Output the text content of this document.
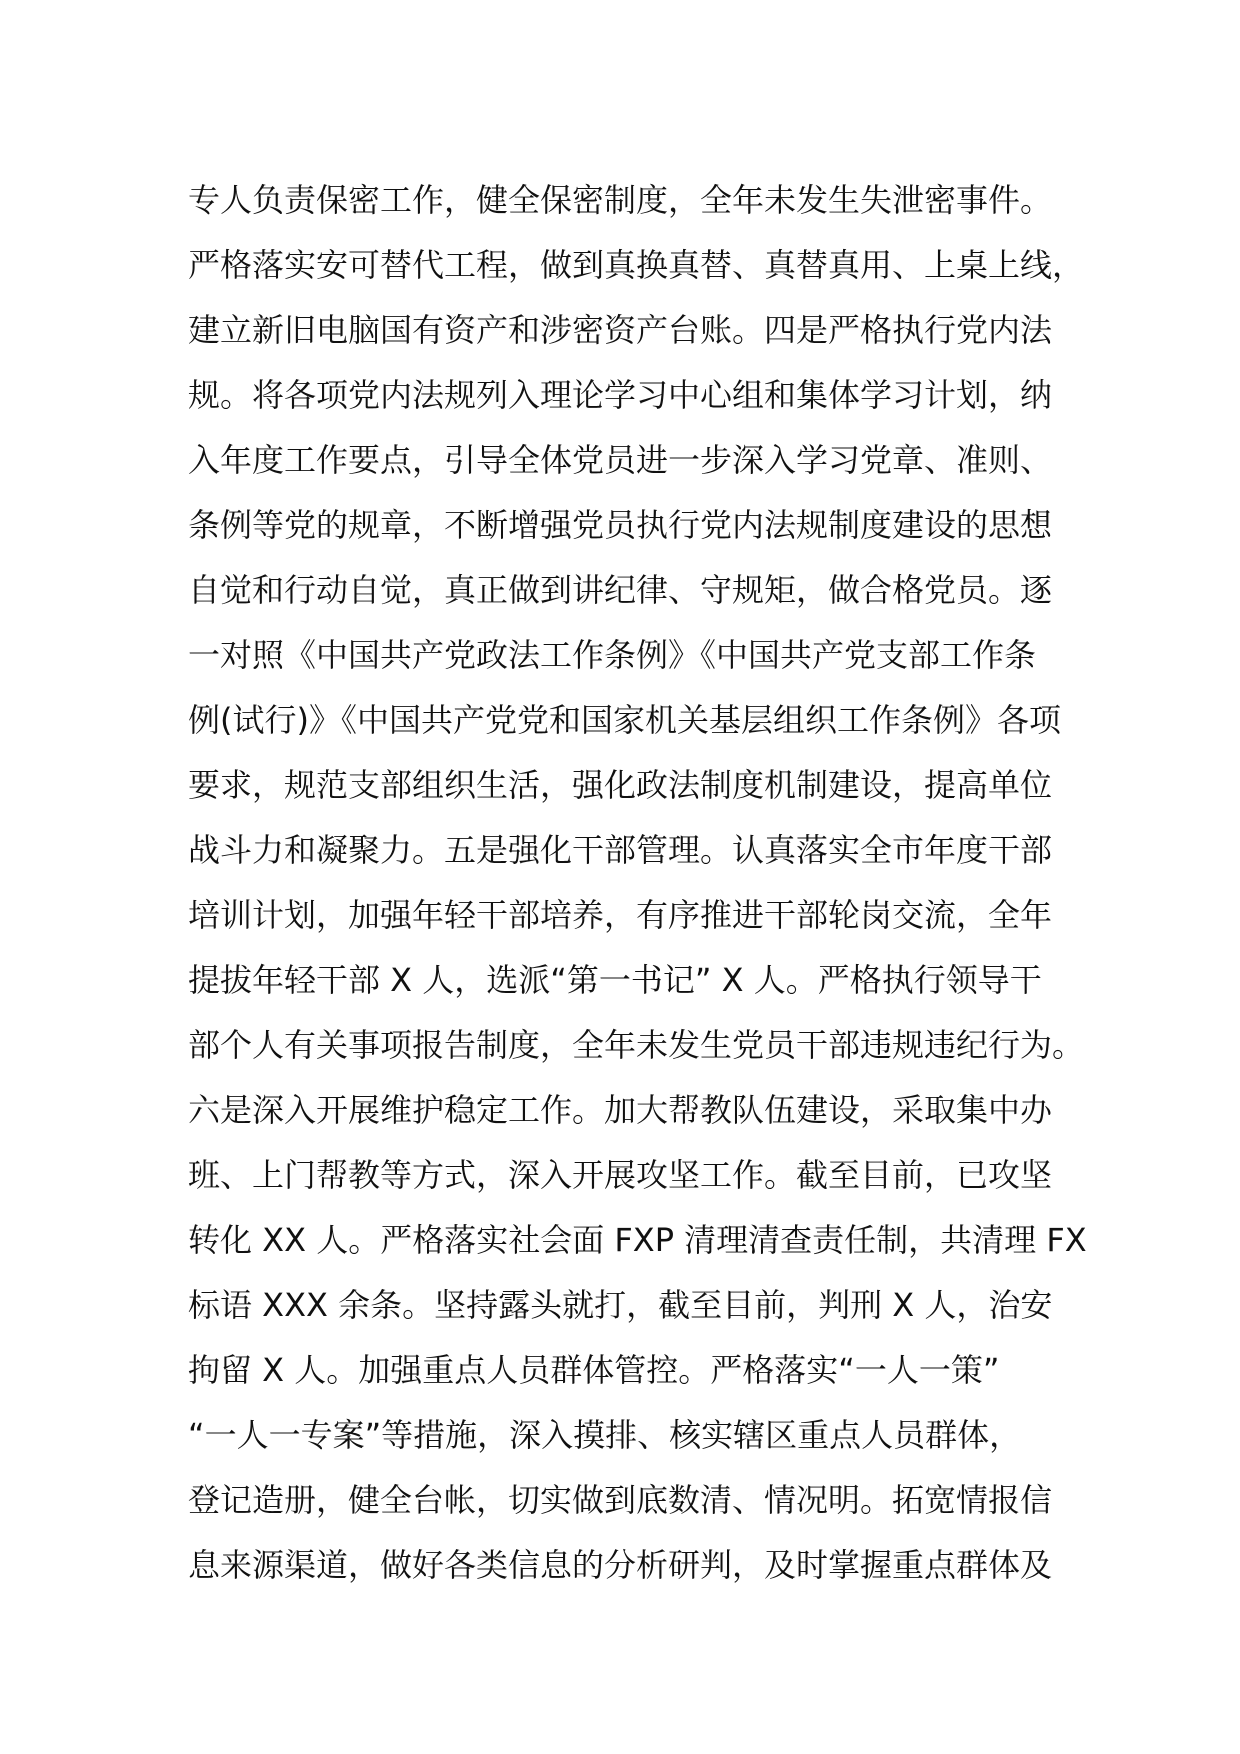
专人负责保密工作，健全保密制度，全年未发生失泄密事件。
严格落实安可替代工程，做到真换真替、真替真用、上桌上线，
建立新旧电脑国有资产和涉密资产台账。四是严格执行党内法
规。将各项党内法规列入理论学习中心组和集体学习计划，纳
入年度工作要点，引导全体党员进一步深入学习党章、准则、
条例等党的规章，不断增强党员执行党内法规制度建设的思想
自觉和行动自觉，真正做到讲纪律、守规矩，做合格党员。逐
一对照《中国共产党政法工作条例》《中国共产党支部工作条
例(试行)》《中国共产党党和国家机关基层组织工作条例》各项
要求，规范支部组织生活，强化政法制度机制建设，提高单位
战斗力和凝聚力。五是强化干部管理。认真落实全市年度干部
培训计划，加强年轻干部培养，有序推进干部轮岗交流，全年
提拔年轻干部 X 人，选派“第一书记” X 人。严格执行领导干
部个人有关事项报告制度，全年未发生党员干部违规违纪行为。
六是深入开展维护稳定工作。加大帮教队伍建设，采取集中办
班、上门帮教等方式，深入开展攻坚工作。截至目前，已攻坚
转化 XX 人。严格落实社会面 FXP 清理清查责任制，共清理 FX
标语 XXX 余条。坚持露头就打，截至目前，判刑 X 人，治安
拘留 X 人。加强重点人员群体管控。严格落实“一人一策”
“一人一专案”等措施，深入摸排、核实辖区重点人员群体，
登记造册，健全台帐，切实做到底数清、情况明。拓宽情报信
息来源渠道，做好各类信息的分析研判，及时掌握重点群体及
